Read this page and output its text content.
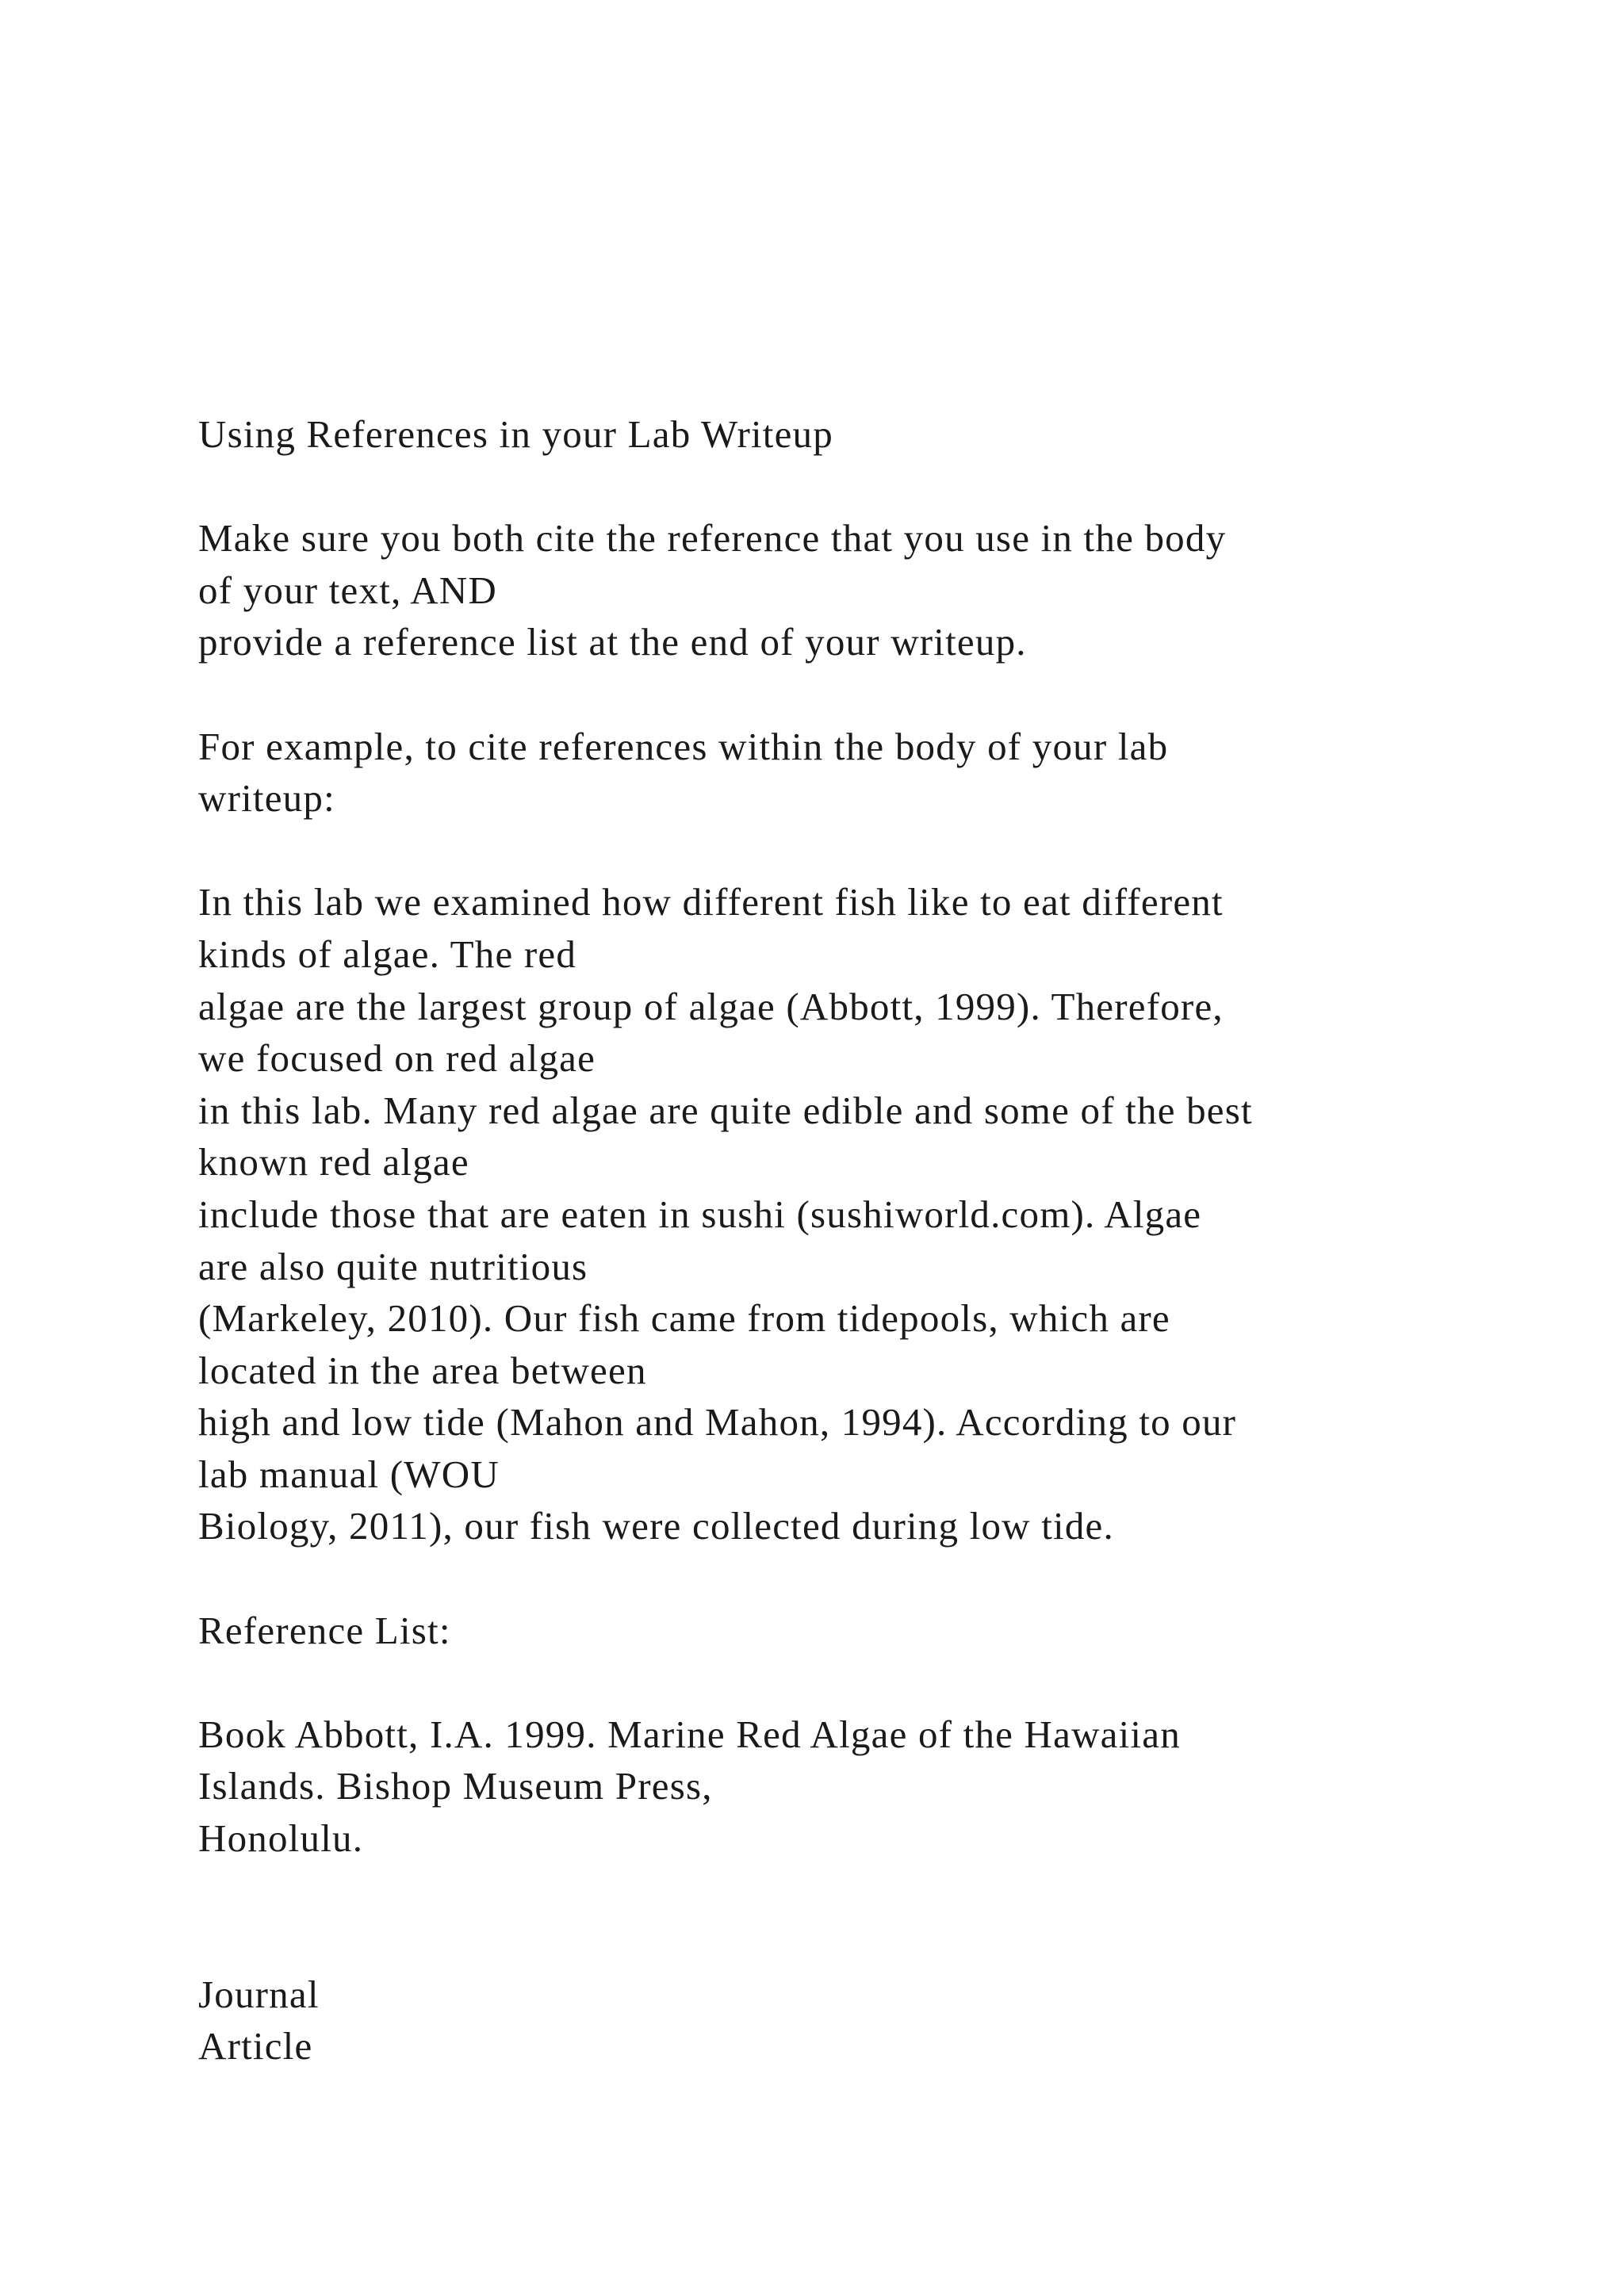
Using References in your Lab Writeup
Make sure you both cite the reference that you use in the body
of your text, AND
provide a reference list at the end of your writeup.
For example, to cite references within the body of your lab
writeup:
In this lab we examined how different fish like to eat different
kinds of algae. The red
algae are the largest group of algae (Abbott, 1999). Therefore,
we focused on red algae
in this lab. Many red algae are quite edible and some of the best
known red algae
include those that are eaten in sushi (sushiworld.com). Algae
are also quite nutritious
(Markeley, 2010). Our fish came from tidepools, which are
located in the area between
high and low tide (Mahon and Mahon, 1994). According to our
lab manual (WOU
Biology, 2011), our fish were collected during low tide.
Reference List:
Book Abbott, I.A. 1999. Marine Red Algae of the Hawaiian
Islands. Bishop Museum Press,
Honolulu.
Journal
Article
